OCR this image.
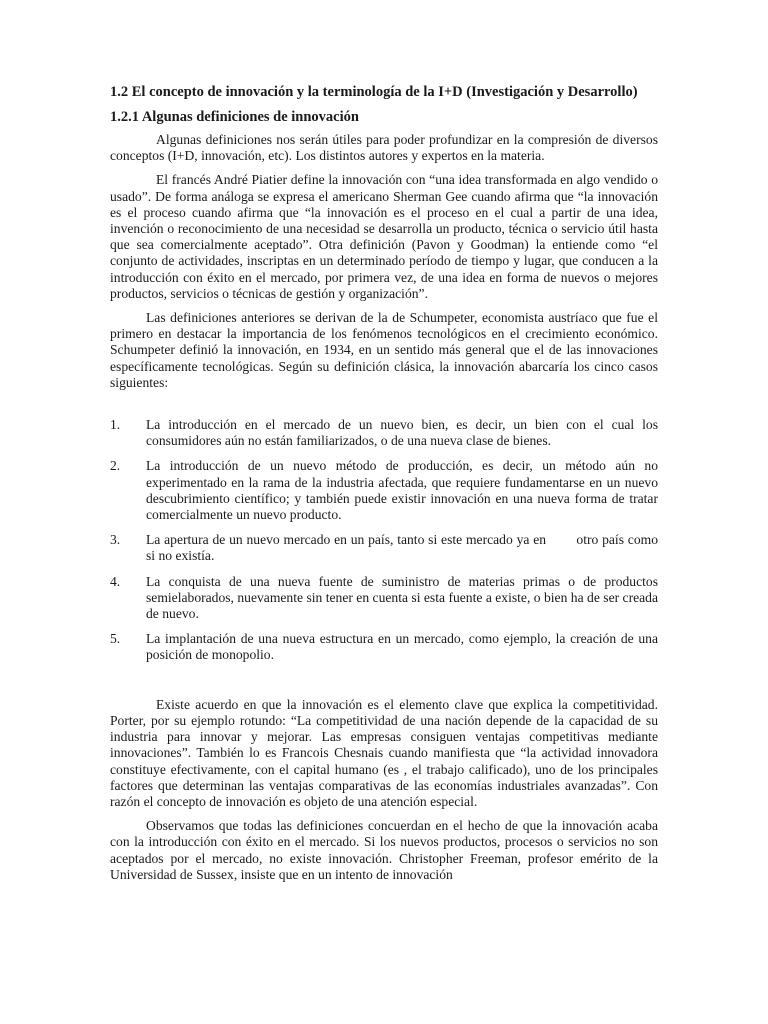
1.2 El concepto de innovación y la terminología de la I+D (Investigación y Desarrollo)
1.2.1 Algunas definiciones de innovación

Algunas definiciones nos serán útiles para poder profundizar en la compresión de diversos conceptos (I+D, innovación, etc). Los distintos autores y expertos en la materia.

El francés André Piatier define la innovación con “una idea transformada en algo vendido o usado”. De forma análoga se expresa el americano Sherman Gee cuando afirma que “la innovación es el proceso cuando afirma que “la innovación es el proceso en el cual a partir de una idea, invención o reconocimiento de una necesidad se desarrolla un producto, técnica o servicio útil hasta que sea comercialmente aceptado”. Otra definición (Pavon y Goodman) la entiende como “el conjunto de actividades, inscriptas en un determinado período de tiempo y lugar, que conducen a la introducción con éxito en el mercado, por primera vez, de una idea en forma de nuevos o mejores productos, servicios o técnicas de gestión y organización”.

Las definiciones anteriores se derivan de la de Schumpeter, economista austríaco que fue el primero en destacar la importancia de los fenómenos tecnológicos en el crecimiento económico. Schumpeter definió la innovación, en 1934, en un sentido más general que el de las innovaciones específicamente tecnológicas. Según su definición clásica, la innovación abarcaría los cinco casos siguientes:

1.	La introducción en el mercado de un nuevo bien, es decir, un bien con el cual los consumidores aún no están familiarizados, o de una nueva clase de bienes.
2.	La introducción de un nuevo método de producción, es decir, un método aún no experimentado en la rama de la industria afectada, que requiere fundamentarse en un nuevo descubrimiento científico; y también puede existir innovación en una nueva forma de tratar comercialmente un nuevo producto.
3.	La apertura de un nuevo mercado en un país, tanto si este mercado ya en        otro país como si no existía.
4.	La conquista de una nueva fuente de suministro de materias primas o de productos semielaborados, nuevamente sin tener en cuenta si esta fuente a existe, o bien ha de ser creada de nuevo.
5.	La implantación de una nueva estructura en un mercado, como ejemplo, la creación de una posición de monopolio.

Existe acuerdo en que la innovación es el elemento clave que explica la competitividad. Porter, por su ejemplo rotundo: “La competitividad de una nación depende de la capacidad de su industria para innovar y mejorar. Las empresas consiguen ventajas competitivas mediante innovaciones”. También lo es Francois Chesnais cuando manifiesta que “la actividad innovadora constituye efectivamente, con el capital humano (es , el trabajo calificado), uno de los principales factores que determinan las ventajas comparativas de las economías industriales avanzadas”. Con razón el concepto de innovación es objeto de una atención especial.

Observamos que todas las definiciones concuerdan en el hecho de que la innovación acaba con la introducción con éxito en el mercado. Si los nuevos productos, procesos o servicios no son aceptados por el mercado, no existe innovación. Christopher Freeman, profesor emérito de la Universidad de Sussex, insiste que en un intento de innovación
